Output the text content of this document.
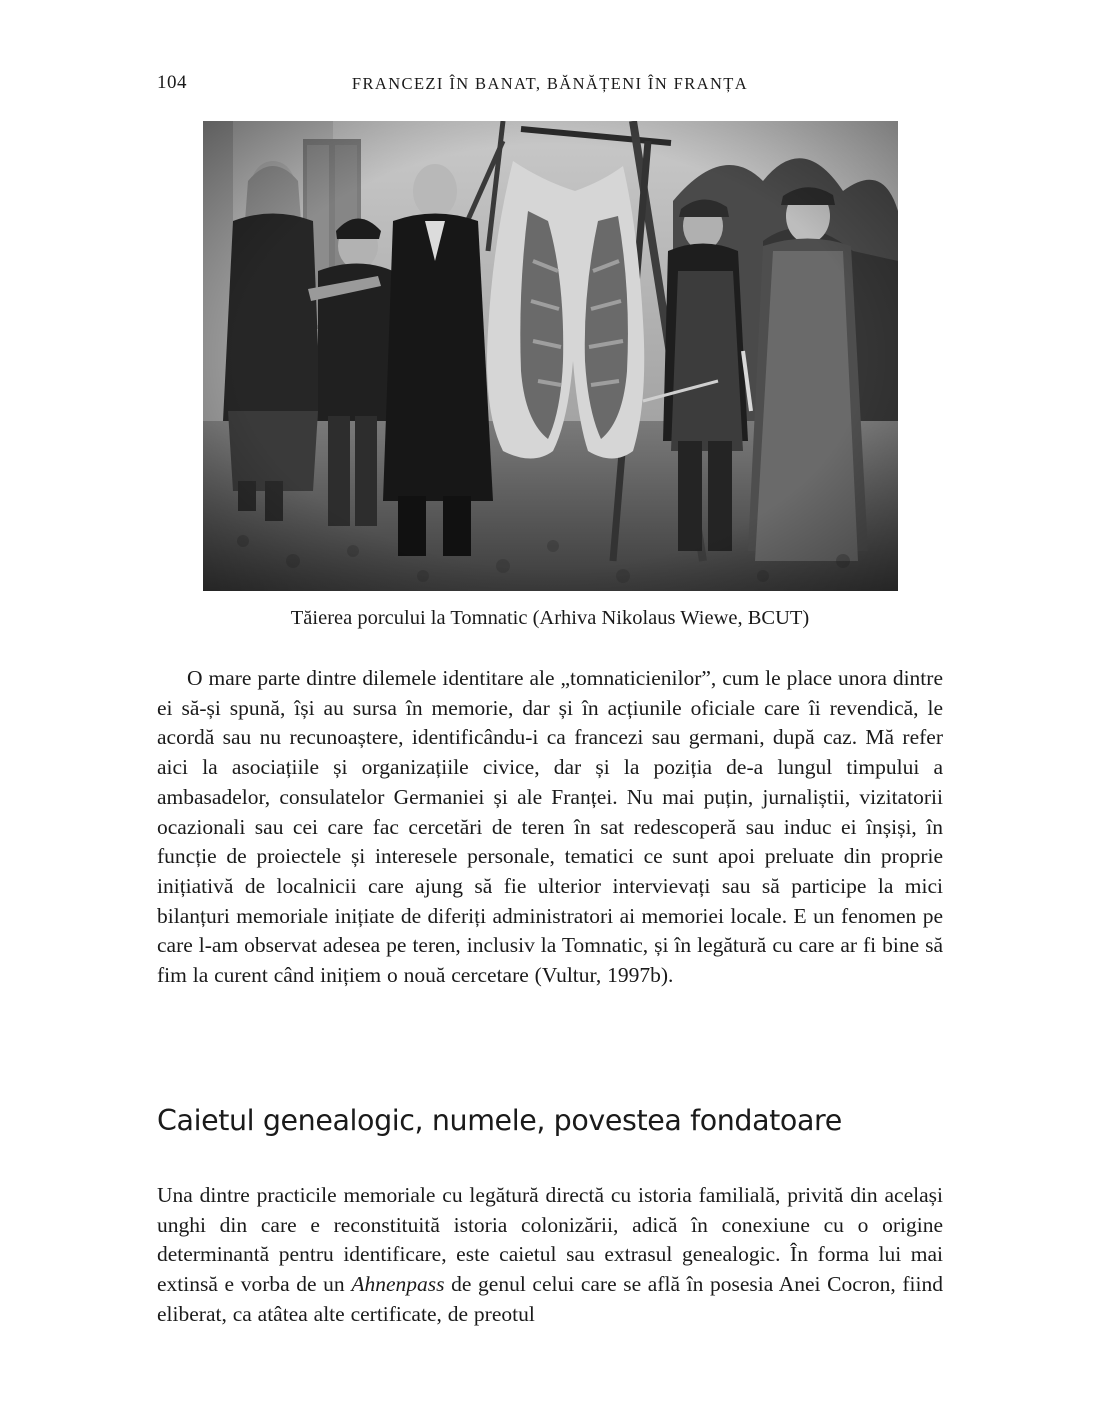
104	FRANCEZI ÎN BANAT, BĂNĂȚENI ÎN FRANȚA
Tăierea porcului la Tomnatic (Arhiva Nikolaus Wiewe, BCUT)

O mare parte dintre dilemele identitare ale „tomnaticienilor”, cum le place unora dintre ei să-și spună, își au sursa în memorie, dar și în acțiunile oficiale care îi revendică, le acordă sau nu recunoaștere, identificându-i ca francezi sau germani, după caz. Mă refer aici la asociațiile și organizațiile civice, dar și la poziția de-a lungul timpului a ambasadelor, consulatelor Germaniei și ale Franței. Nu mai puțin, jurnaliștii, vizitatorii ocazionali sau cei care fac cercetări de teren în sat redescoperă sau induc ei înșiși, în funcție de proiectele și interesele personale, tematici ce sunt apoi preluate din proprie inițiativă de localnicii care ajung să fie ulterior intervievați sau să participe la mici bilanțuri memoriale inițiate de diferiți administratori ai memoriei locale. E un fenomen pe care l-am observat adesea pe teren, inclusiv la Tomnatic, și în legătură cu care ar fi bine să fim la curent când inițiem o nouă cercetare (Vultur, 1997b).

Caietul genealogic, numele, povestea fondatoare

Una dintre practicile memoriale cu legătură directă cu istoria familială, privită din același unghi din care e reconstituită istoria colonizării, adică în conexiune cu o origine determinantă pentru identificare, este caietul sau extrasul genealogic. În forma lui mai extinsă e vorba de un Ahnenpass de genul celui care se află în posesia Anei Cocron, fiind eliberat, ca atâtea alte certificate, de preotul
